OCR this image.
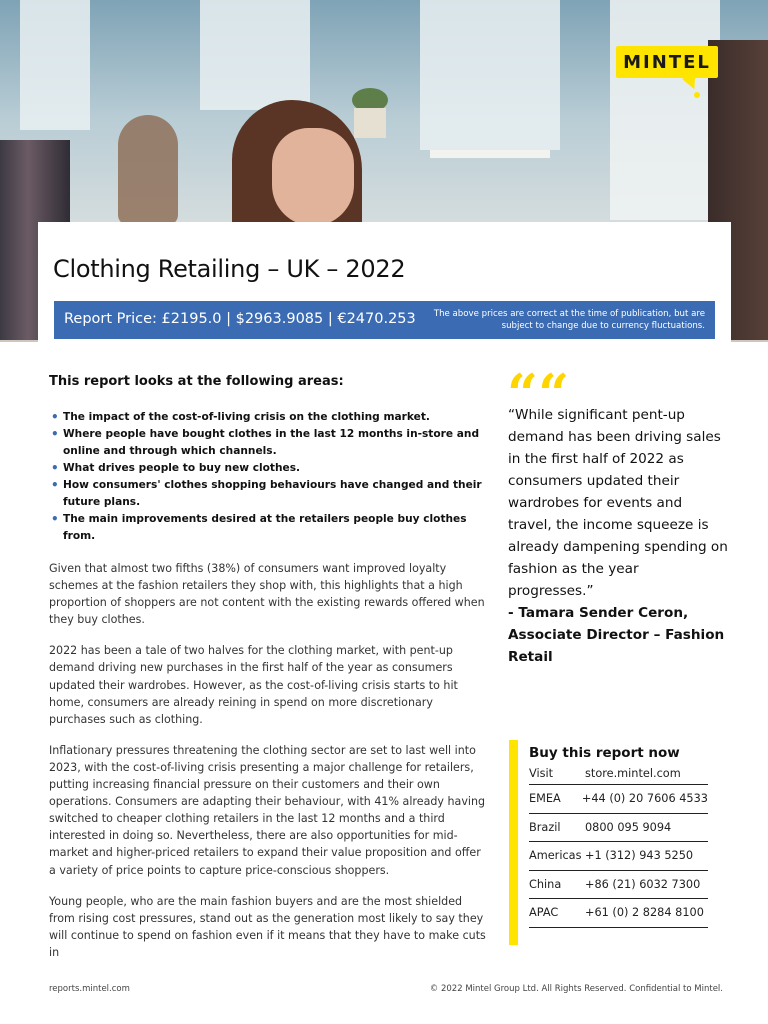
MINTEL
Clothing Retailing – UK – 2022
Report Price: £2195.0 | $2963.9085 | €2470.253	The above prices are correct at the time of publication, but are subject to change due to currency fluctuations.
This report looks at the following areas:
• The impact of the cost-of-living crisis on the clothing market.
• Where people have bought clothes in the last 12 months in-store and online and through which channels.
• What drives people to buy new clothes.
• How consumers' clothes shopping behaviours have changed and their future plans.
• The main improvements desired at the retailers people buy clothes from.

Given that almost two fifths (38%) of consumers want improved loyalty schemes at the fashion retailers they shop with, this highlights that a high proportion of shoppers are not content with the existing rewards offered when they buy clothes.

2022 has been a tale of two halves for the clothing market, with pent-up demand driving new purchases in the first half of the year as consumers updated their wardrobes. However, as the cost-of-living crisis starts to hit home, consumers are already reining in spend on more discretionary purchases such as clothing.

Inflationary pressures threatening the clothing sector are set to last well into 2023, with the cost-of-living crisis presenting a major challenge for retailers, putting increasing financial pressure on their customers and their own operations. Consumers are adapting their behaviour, with 41% already having switched to cheaper clothing retailers in the last 12 months and a third interested in doing so. Nevertheless, there are also opportunities for mid-market and higher-priced retailers to expand their value proposition and offer a variety of price points to capture price-conscious shoppers.

Young people, who are the main fashion buyers and are the most shielded from rising cost pressures, stand out as the generation most likely to say they will continue to spend on fashion even if it means that they have to make cuts in

““
“While significant pent-up demand has been driving sales in the first half of 2022 as consumers updated their wardrobes for events and travel, the income squeeze is already dampening spending on fashion as the year progresses.”
- Tamara Sender Ceron, Associate Director – Fashion Retail
Buy this report now
Visit	store.mintel.com
EMEA	+44 (0) 20 7606 4533
Brazil	0800 095 9094
Americas +1 (312) 943 5250
China	+86 (21) 6032 7300
APAC	+61 (0) 2 8284 8100
reports.mintel.com	© 2022 Mintel Group Ltd. All Rights Reserved. Confidential to Mintel.
